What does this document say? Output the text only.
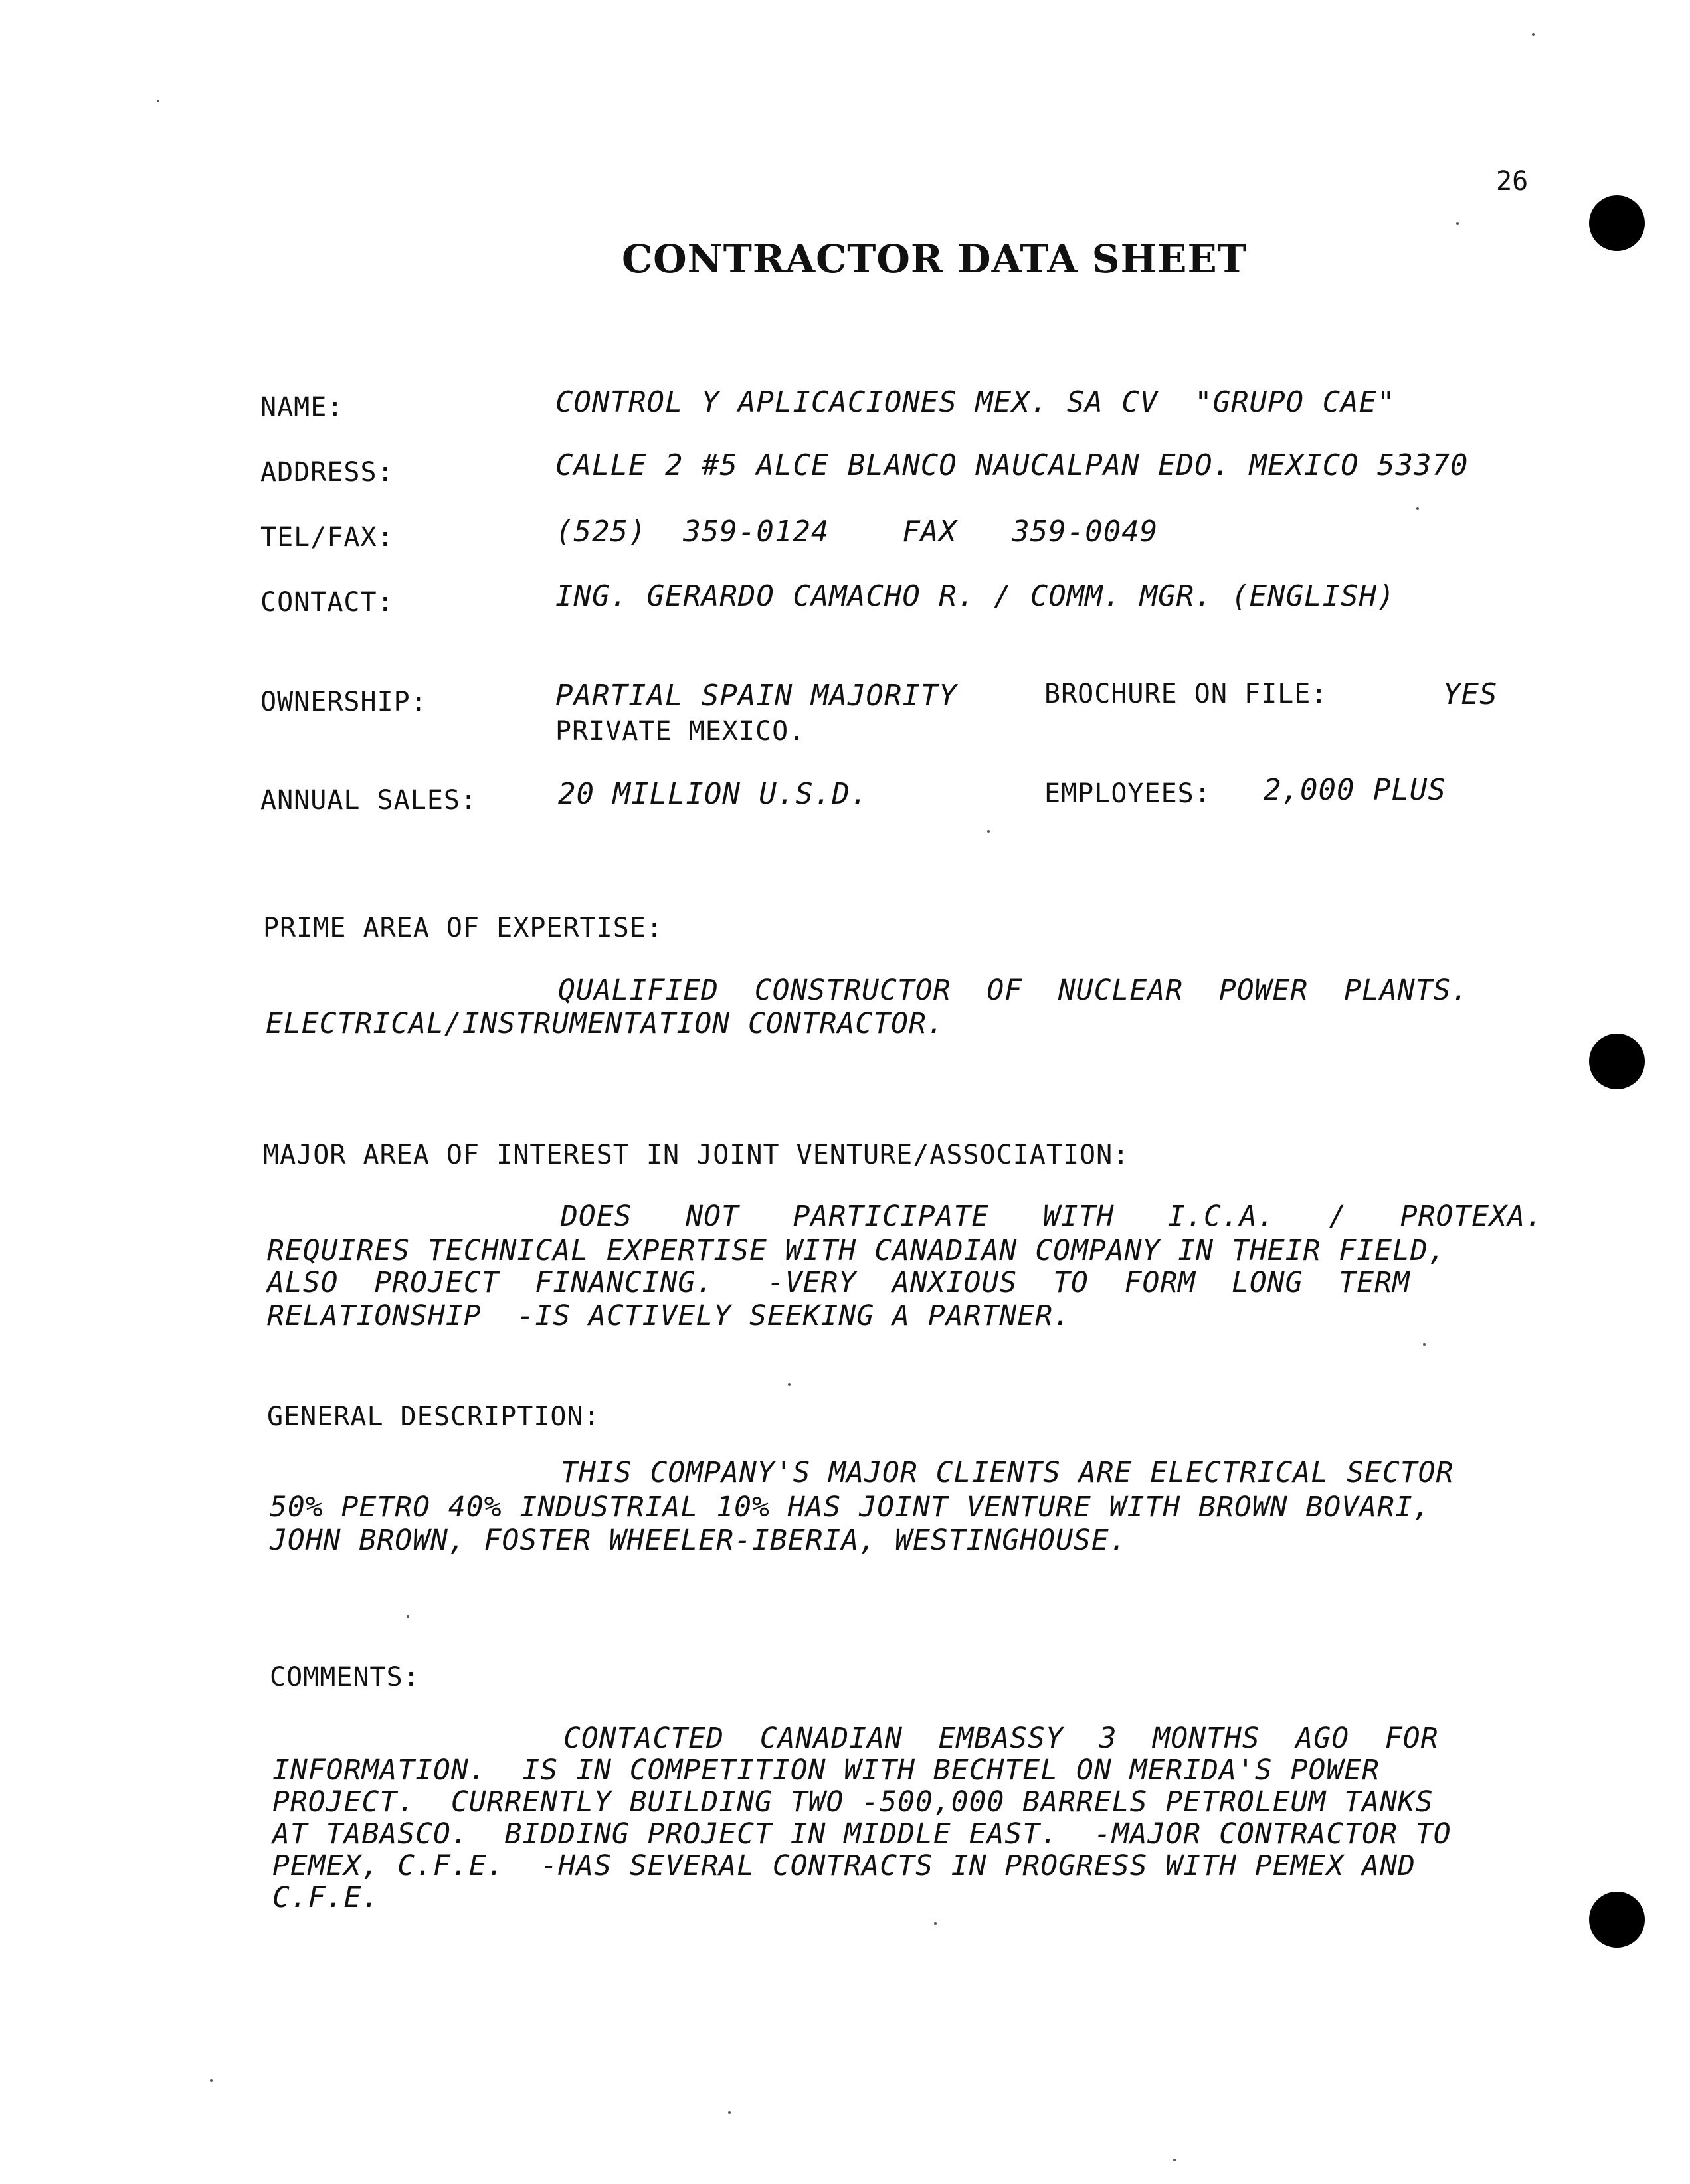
26
CONTRACTOR DATA SHEET
NAME:	CONTROL Y APLICACIONES MEX. SA CV  "GRUPO CAE"
ADDRESS:	CALLE 2 #5 ALCE BLANCO NAUCALPAN EDO. MEXICO 53370
TEL/FAX:	(525)  359-0124    FAX   359-0049
CONTACT:	ING. GERARDO CAMACHO R. / COMM. MGR. (ENGLISH)
OWNERSHIP:	PARTIAL SPAIN MAJORITY
PRIVATE MEXICO.
BROCHURE ON FILE:	YES
ANNUAL SALES:	20 MILLION U.S.D.	EMPLOYEES: 2,000 PLUS
PRIME AREA OF EXPERTISE:
QUALIFIED  CONSTRUCTOR  OF  NUCLEAR  POWER  PLANTS.
ELECTRICAL/INSTRUMENTATION CONTRACTOR.
MAJOR AREA OF INTEREST IN JOINT VENTURE/ASSOCIATION:
DOES   NOT   PARTICIPATE   WITH   I.C.A.   /   PROTEXA.
REQUIRES TECHNICAL EXPERTISE WITH CANADIAN COMPANY IN THEIR FIELD,
ALSO  PROJECT  FINANCING.   -VERY  ANXIOUS  TO  FORM  LONG  TERM
RELATIONSHIP  -IS ACTIVELY SEEKING A PARTNER.
GENERAL DESCRIPTION:
THIS COMPANY'S MAJOR CLIENTS ARE ELECTRICAL SECTOR
50% PETRO 40% INDUSTRIAL 10% HAS JOINT VENTURE WITH BROWN BOVARI,
JOHN BROWN, FOSTER WHEELER-IBERIA, WESTINGHOUSE.
COMMENTS:
CONTACTED  CANADIAN  EMBASSY  3  MONTHS  AGO  FOR
INFORMATION.  IS IN COMPETITION WITH BECHTEL ON MERIDA'S POWER
PROJECT.  CURRENTLY BUILDING TWO -500,000 BARRELS PETROLEUM TANKS
AT TABASCO.  BIDDING PROJECT IN MIDDLE EAST.  -MAJOR CONTRACTOR TO
PEMEX, C.F.E.  -HAS SEVERAL CONTRACTS IN PROGRESS WITH PEMEX AND
C.F.E.
